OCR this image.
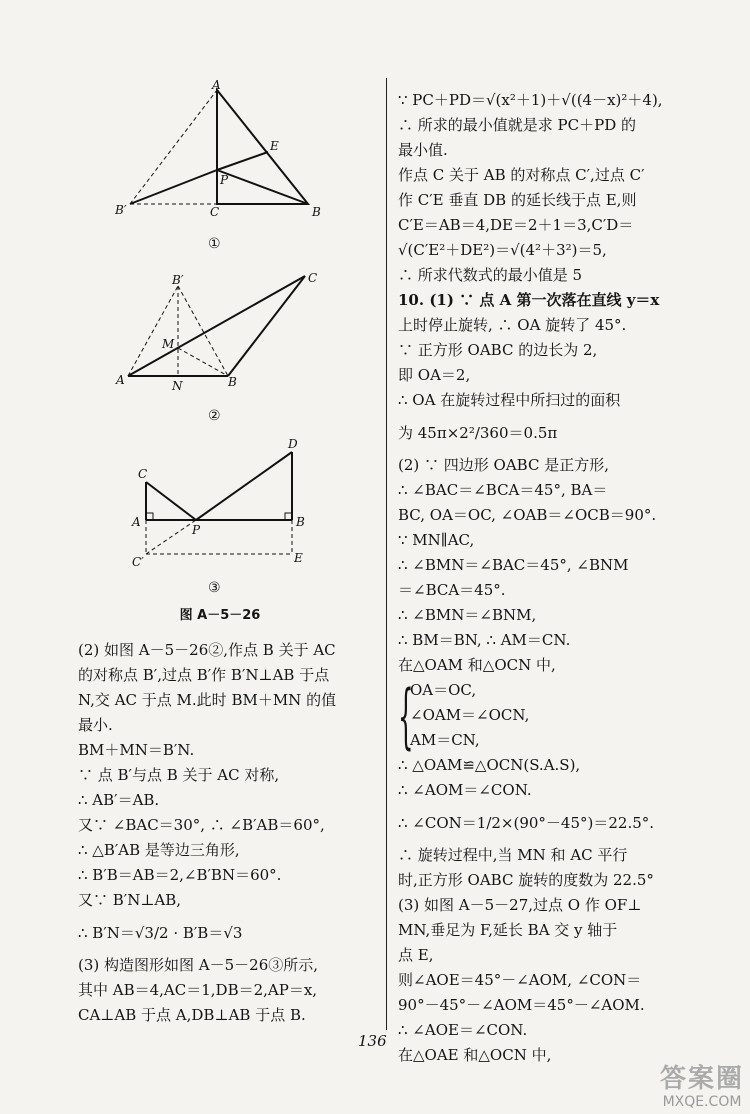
A
E
P
B′	C	B
①
B′	C
M
A	N	B
②
D
C
A
P
B
C′	E
③
图 A－5－26
(2) 如图 A－5－26②,作点 B 关于 AC
的对称点 B′,过点 B′作 B′N⊥AB 于点
N,交 AC 于点 M.此时 BM＋MN 的值
最小.
BM＋MN＝B′N.
∵ 点 B′与点 B 关于 AC 对称,
∴ AB′＝AB.
又∵ ∠BAC＝30°, ∴ ∠B′AB＝60°,
∴ △B′AB 是等边三角形,
∴ B′B＝AB＝2,∠B′BN＝60°.
又∵ B′N⊥AB,
∴ B′N＝√3/2 · B′B＝√3
(3) 构造图形如图 A－5－26③所示,
其中 AB＝4,AC＝1,DB＝2,AP＝x,
CA⊥AB 于点 A,DB⊥AB 于点 B.
∵ PC＋PD＝√(x²＋1)＋√((4－x)²＋4),
∴ 所求的最小值就是求 PC＋PD 的
最小值.
作点 C 关于 AB 的对称点 C′,过点 C′
作 C′E 垂直 DB 的延长线于点 E,则
C′E＝AB＝4,DE＝2＋1＝3,C′D＝
√(C′E²＋DE²)＝√(4²＋3²)＝5,
∴ 所求代数式的最小值是 5
10. (1) ∵ 点 A 第一次落在直线 y＝x
上时停止旋转, ∴ OA 旋转了 45°.
∵ 正方形 OABC 的边长为 2,
即 OA＝2,
∴ OA 在旋转过程中所扫过的面积
为 45π×2²/360＝0.5π
(2) ∵ 四边形 OABC 是正方形,
∴ ∠BAC＝∠BCA＝45°, BA＝
BC, OA＝OC, ∠OAB＝∠OCB＝90°.
∵ MN∥AC,
∴ ∠BMN＝∠BAC＝45°, ∠BNM
＝∠BCA＝45°.
∴ ∠BMN＝∠BNM,
∴ BM＝BN, ∴ AM＝CN.
在△OAM 和△OCN 中,
{
OA＝OC,
∠OAM＝∠OCN,
AM＝CN,
∴ △OAM≌△OCN(S.A.S),
∴ ∠AOM＝∠CON.
∴ ∠CON＝1/2×(90°－45°)＝22.5°.
∴ 旋转过程中,当 MN 和 AC 平行
时,正方形 OABC 旋转的度数为 22.5°
(3) 如图 A－5－27,过点 O 作 OF⊥
MN,垂足为 F,延长 BA 交 y 轴于
点 E,
则∠AOE＝45°－∠AOM, ∠CON＝
90°－45°－∠AOM＝45°－∠AOM.
∴ ∠AOE＝∠CON.
在△OAE 和△OCN 中,
136
答案圈
MXQE.COM
